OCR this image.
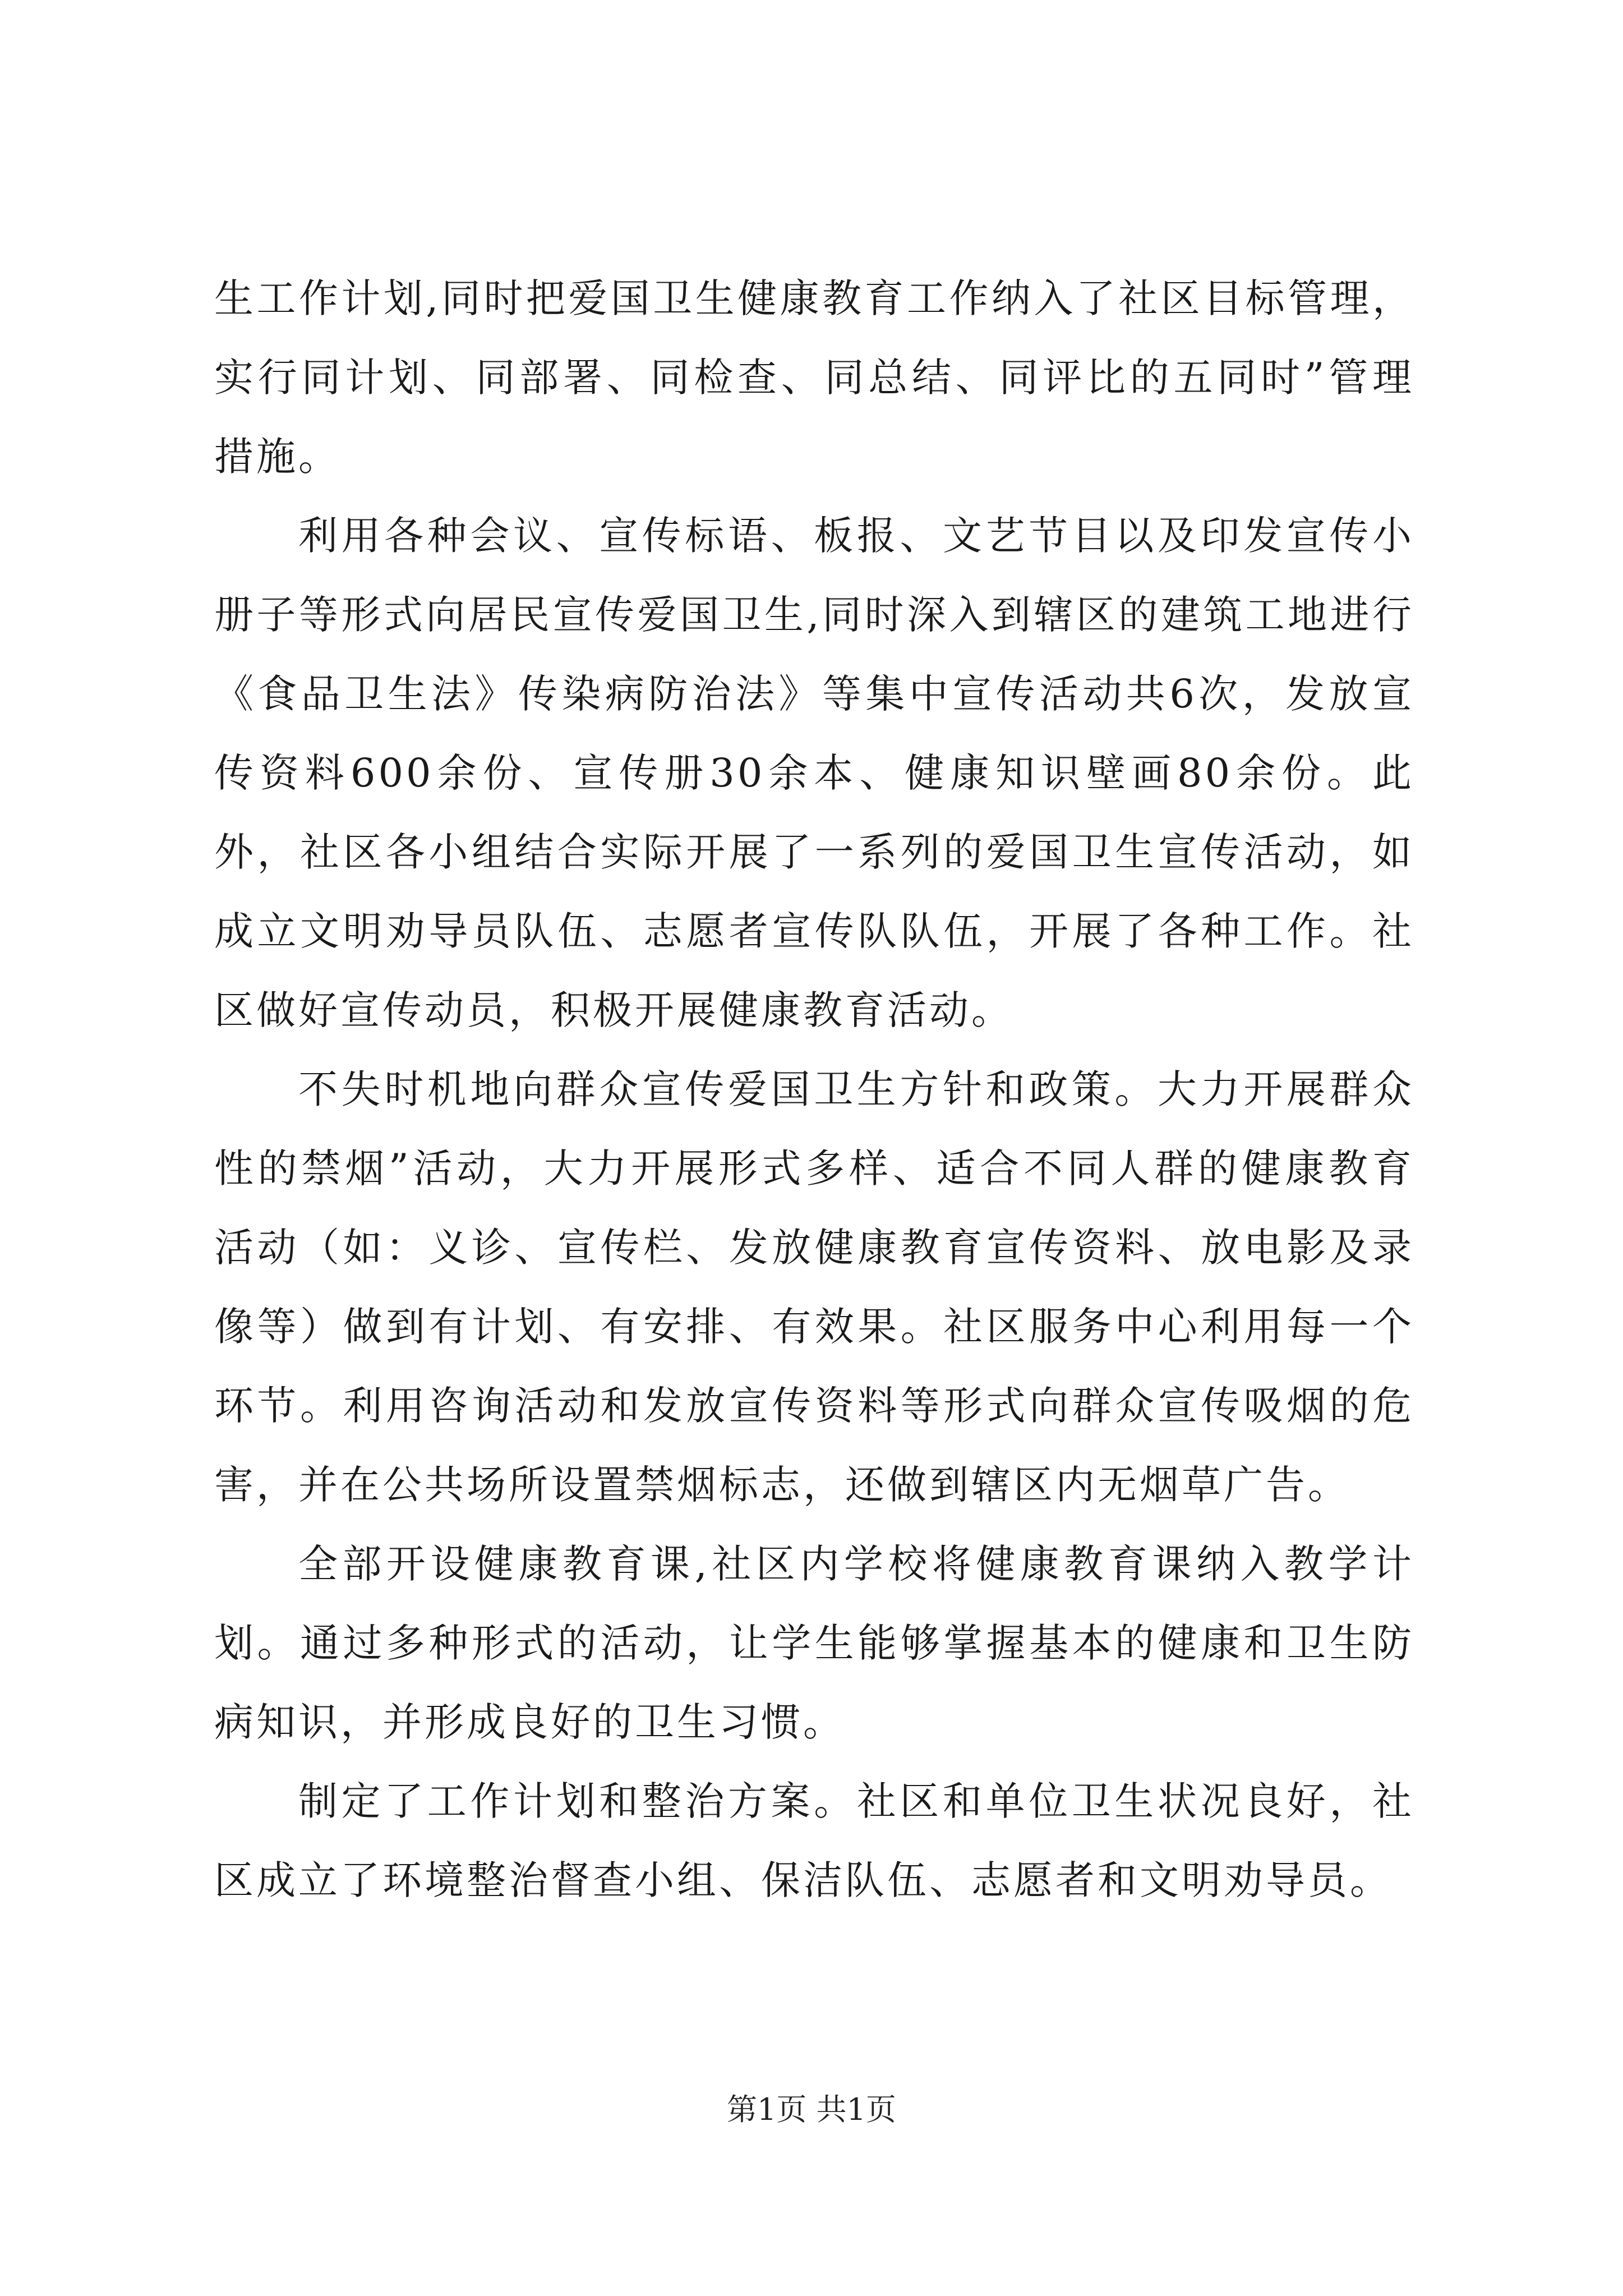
生工作计划,同时把爱国卫生健康教育工作纳入了社区目标管理，实行同计划、同部署、同检查、同总结、同评比的五同时”管理措施。

利用各种会议、宣传标语、板报、文艺节目以及印发宣传小册子等形式向居民宣传爱国卫生,同时深入到辖区的建筑工地进行《食品卫生法》传染病防治法》等集中宣传活动共6次，发放宣传资料600余份、宣传册30余本、健康知识壁画80余份。此外，社区各小组结合实际开展了一系列的爱国卫生宣传活动，如成立文明劝导员队伍、志愿者宣传队队伍，开展了各种工作。社区做好宣传动员，积极开展健康教育活动。

不失时机地向群众宣传爱国卫生方针和政策。大力开展群众性的禁烟”活动，大力开展形式多样、适合不同人群的健康教育活动（如：义诊、宣传栏、发放健康教育宣传资料、放电影及录像等）做到有计划、有安排、有效果。社区服务中心利用每一个环节。利用咨询活动和发放宣传资料等形式向群众宣传吸烟的危害，并在公共场所设置禁烟标志，还做到辖区内无烟草广告。

全部开设健康教育课,社区内学校将健康教育课纳入教学计划。通过多种形式的活动，让学生能够掌握基本的健康和卫生防病知识，并形成良好的卫生习惯。

制定了工作计划和整治方案。社区和单位卫生状况良好，社区成立了环境整治督查小组、保洁队伍、志愿者和文明劝导员。

第1页 共1页
